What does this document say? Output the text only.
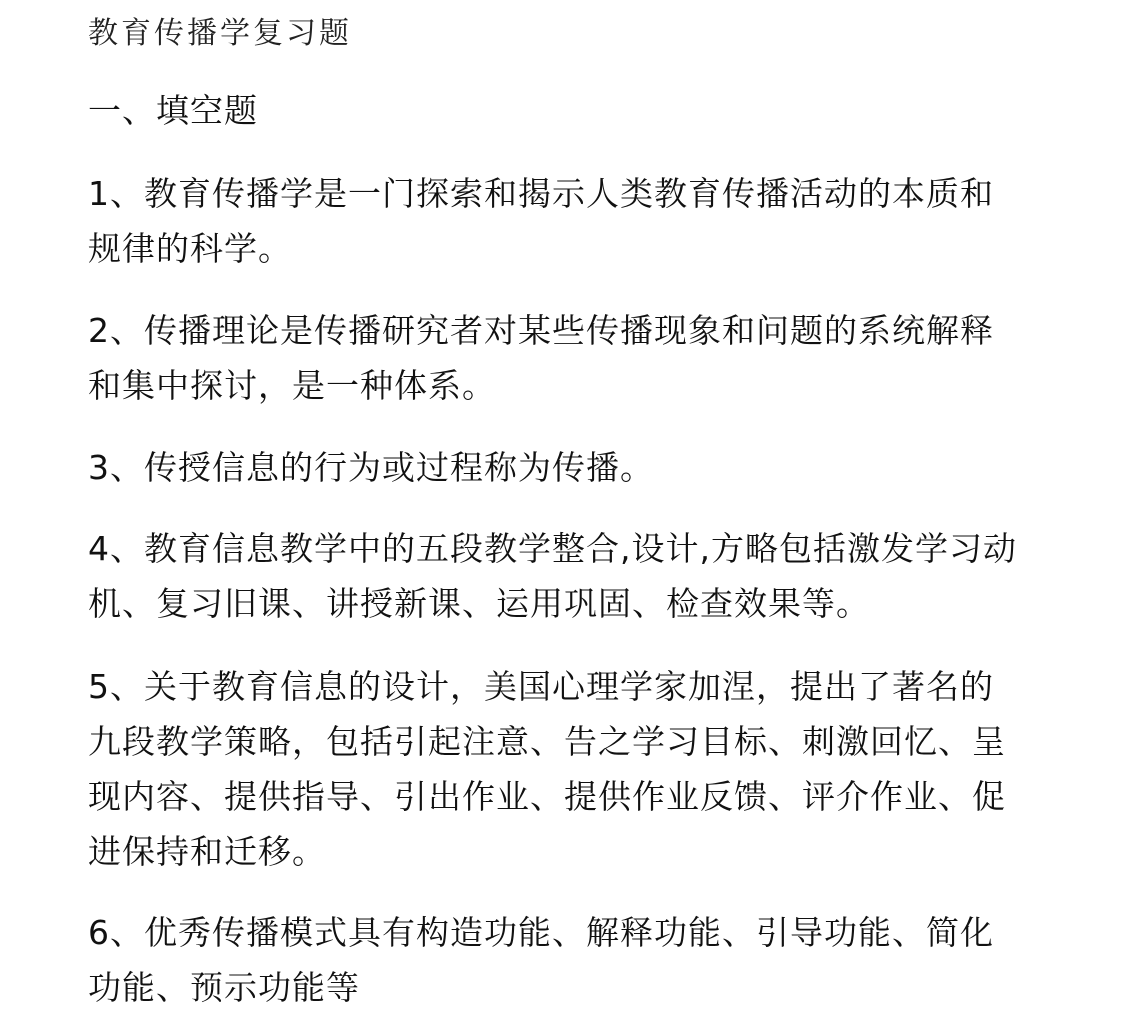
教育传播学复习题
一、填空题
1、教育传播学是一门探索和揭示人类教育传播活动的本质和
规律的科学。
2、传播理论是传播研究者对某些传播现象和问题的系统解释
和集中探讨，是一种体系。
3、传授信息的行为或过程称为传播。
4、教育信息教学中的五段教学整合,设计,方略包括激发学习动
机、复习旧课、讲授新课、运用巩固、检查效果等。
5、关于教育信息的设计，美国心理学家加涅，提出了著名的
九段教学策略，包括引起注意、告之学习目标、刺激回忆、呈
现内容、提供指导、引出作业、提供作业反馈、评介作业、促
进保持和迁移。
6、优秀传播模式具有构造功能、解释功能、引导功能、简化
功能、预示功能等
